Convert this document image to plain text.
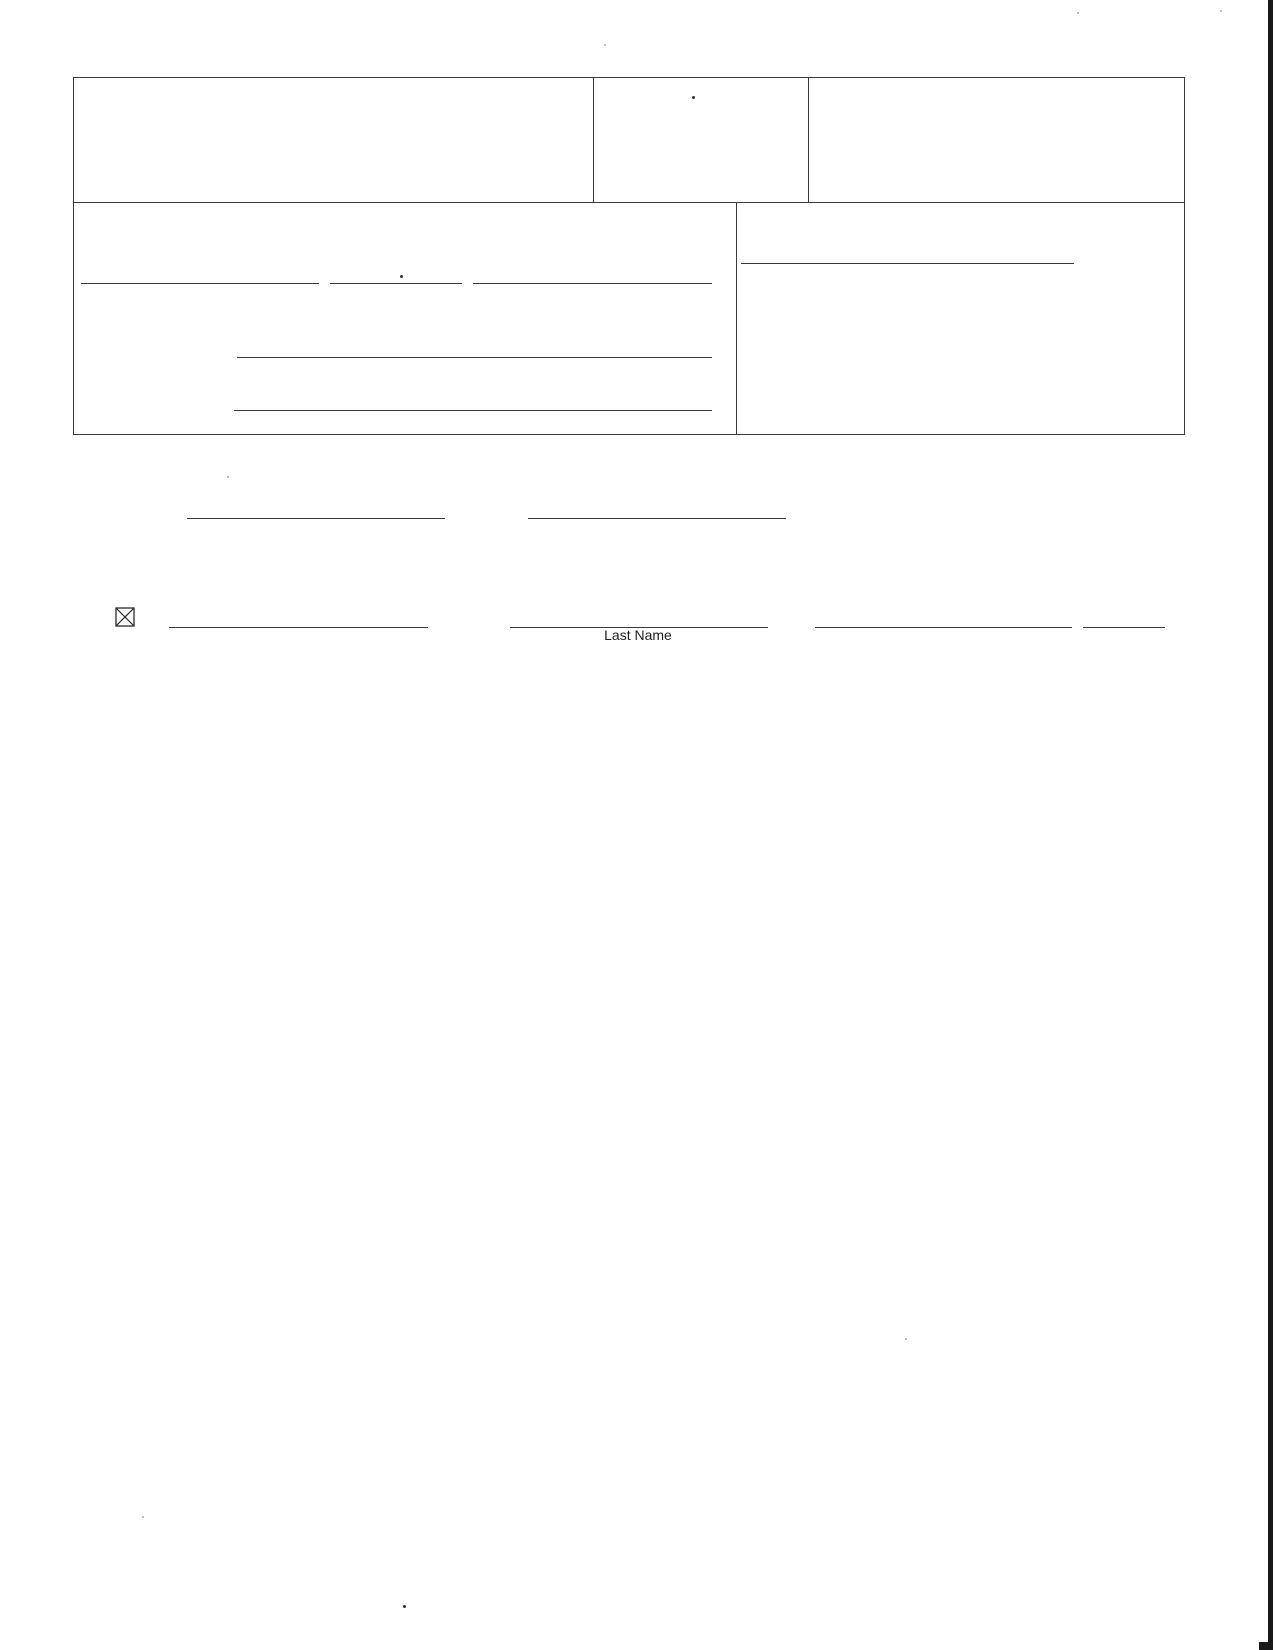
Last Name
